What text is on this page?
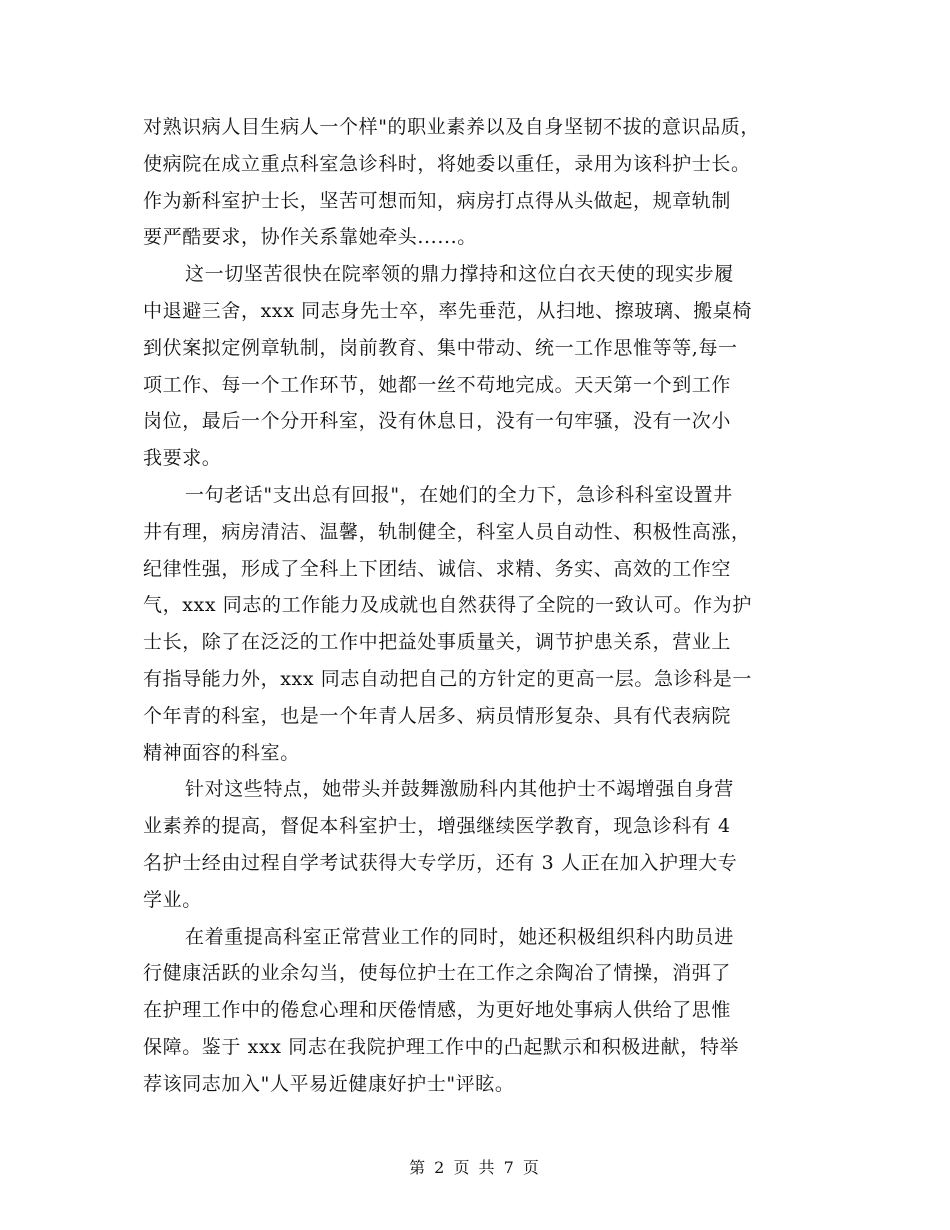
对熟识病人目生病人一个样"的职业素养以及自身坚韧不拔的意识品质，
使病院在成立重点科室急诊科时，将她委以重任，录用为该科护士长。
作为新科室护士长，坚苦可想而知，病房打点得从头做起，规章轨制
要严酷要求，协作关系靠她牵头......。
这一切坚苦很快在院率领的鼎力撑持和这位白衣天使的现实步履
中退避三舍，xxx 同志身先士卒，率先垂范，从扫地、擦玻璃、搬桌椅
到伏案拟定例章轨制，岗前教育、集中带动、统一工作思惟等等,每一
项工作、每一个工作环节，她都一丝不苟地完成。天天第一个到工作
岗位，最后一个分开科室，没有休息日，没有一句牢骚，没有一次小
我要求。
一句老话"支出总有回报"，在她们的全力下，急诊科科室设置井
井有理，病房清洁、温馨，轨制健全，科室人员自动性、积极性高涨，
纪律性强，形成了全科上下团结、诚信、求精、务实、高效的工作空
气，xxx 同志的工作能力及成就也自然获得了全院的一致认可。作为护
士长，除了在泛泛的工作中把益处事质量关，调节护患关系，营业上
有指导能力外，xxx 同志自动把自己的方针定的更高一层。急诊科是一
个年青的科室，也是一个年青人居多、病员情形复杂、具有代表病院
精神面容的科室。
针对这些特点，她带头并鼓舞激励科内其他护士不竭增强自身营
业素养的提高，督促本科室护士，增强继续医学教育，现急诊科有 4
名护士经由过程自学考试获得大专学历，还有 3 人正在加入护理大专
学业。
在着重提高科室正常营业工作的同时，她还积极组织科内助员进
行健康活跃的业余勾当，使每位护士在工作之余陶冶了情操，消弭了
在护理工作中的倦怠心理和厌倦情感，为更好地处事病人供给了思惟
保障。鉴于 xxx 同志在我院护理工作中的凸起默示和积极进献，特举
荐该同志加入"人平易近健康好护士"评眩。
第 2 页 共 7 页
